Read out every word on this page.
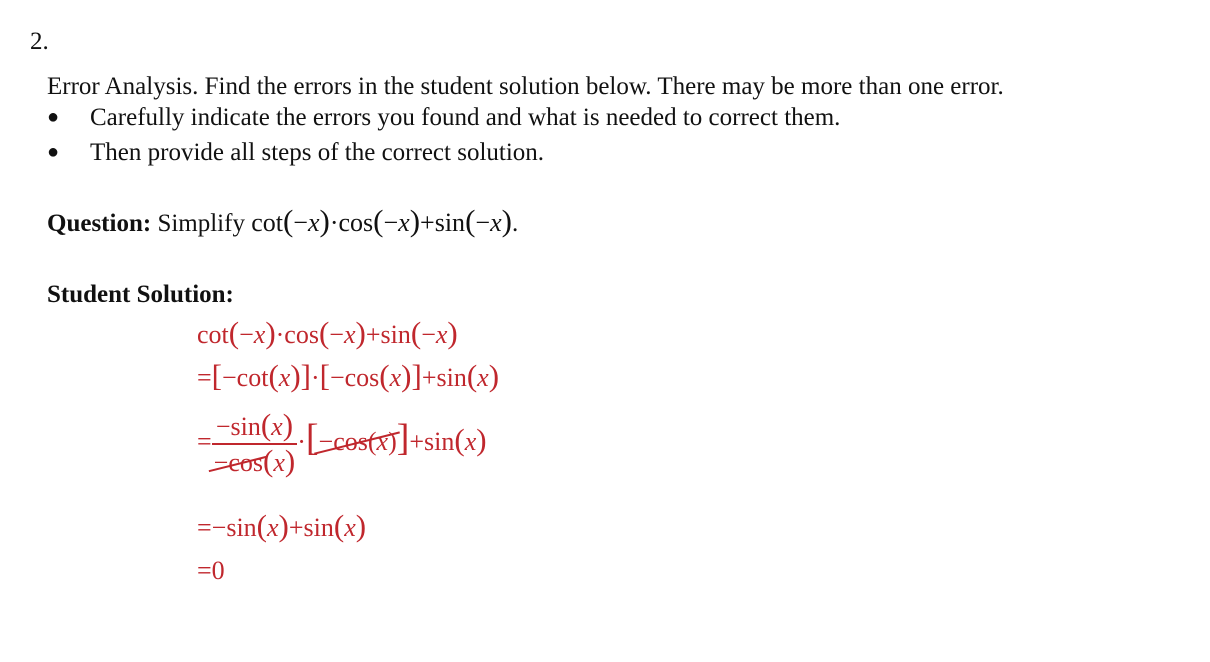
2.
Error Analysis. Find the errors in the student solution below. There may be more than one error.
● Carefully indicate the errors you found and what is needed to correct them.
● Then provide all steps of the correct solution.
Question: Simplify cot(−x)·cos(−x)+sin(−x).
Student Solution:
cot(−x)·cos(−x)+sin(−x)
=[−cot(x)]·[−cos(x)]+sin(x)
= $\frac{-\sin(x)}{-\cos(x)} \cdot[-\cos(x)]+\sin(x)$
=−sin(x)+sin(x)
=0
